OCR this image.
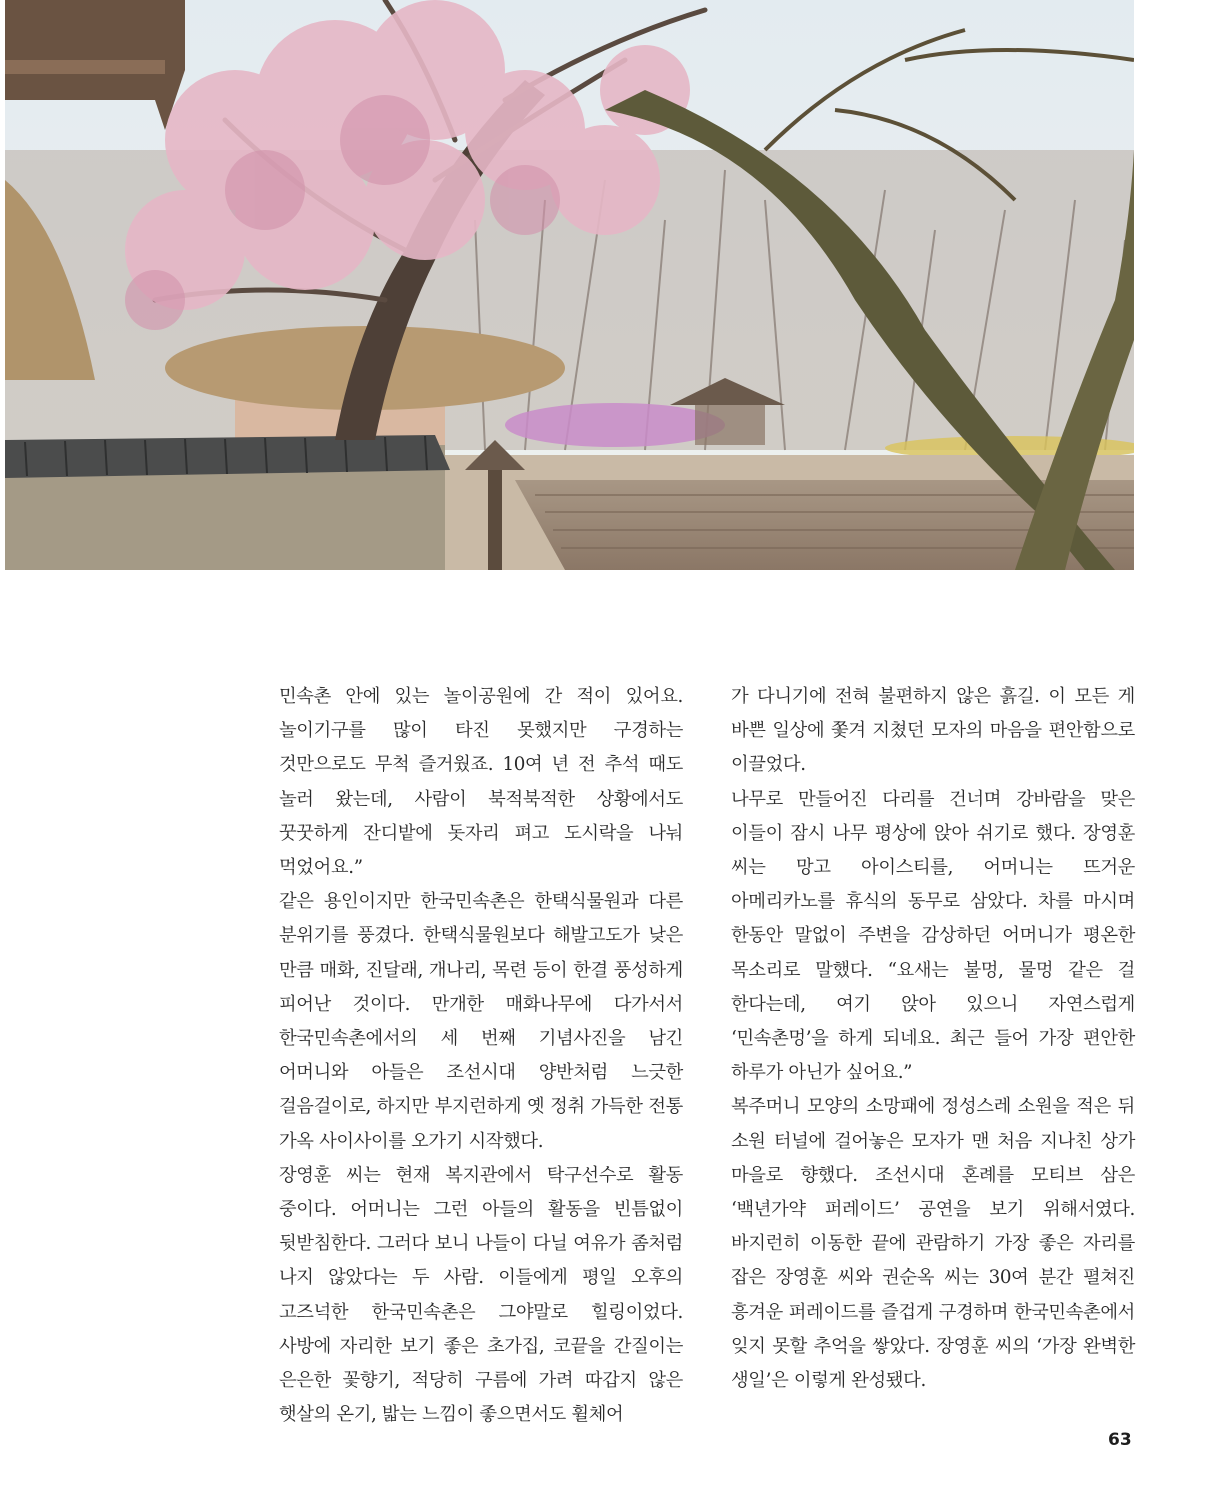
민속촌 안에 있는 놀이공원에 간 적이 있어요. 놀이기구를 많이 타진 못했지만 구경하는 것만으로도 무척 즐거웠죠. 10여 년 전 추석 때도 놀러 왔는데, 사람이 북적북적한 상황에서도 꿋꿋하게 잔디밭에 돗자리 펴고 도시락을 나눠 먹었어요.”

같은 용인이지만 한국민속촌은 한택식물원과 다른 분위기를 풍겼다. 한택식물원보다 해발고도가 낮은 만큼 매화, 진달래, 개나리, 목련 등이 한결 풍성하게 피어난 것이다. 만개한 매화나무에 다가서서 한국민속촌에서의 세 번째 기념사진을 남긴 어머니와 아들은 조선시대 양반처럼 느긋한 걸음걸이로, 하지만 부지런하게 옛 정취 가득한 전통 가옥 사이사이를 오가기 시작했다.

장영훈 씨는 현재 복지관에서 탁구선수로 활동 중이다. 어머니는 그런 아들의 활동을 빈틈없이 뒷받침한다. 그러다 보니 나들이 다닐 여유가 좀처럼 나지 않았다는 두 사람. 이들에게 평일 오후의 고즈넉한 한국민속촌은 그야말로 힐링이었다. 사방에 자리한 보기 좋은 초가집, 코끝을 간질이는 은은한 꽃향기, 적당히 구름에 가려 따갑지 않은 햇살의 온기, 밟는 느낌이 좋으면서도 휠체어

가 다니기에 전혀 불편하지 않은 흙길. 이 모든 게 바쁜 일상에 쫓겨 지쳤던 모자의 마음을 편안함으로 이끌었다.

나무로 만들어진 다리를 건너며 강바람을 맞은 이들이 잠시 나무 평상에 앉아 쉬기로 했다. 장영훈 씨는 망고 아이스티를, 어머니는 뜨거운 아메리카노를 휴식의 동무로 삼았다. 차를 마시며 한동안 말없이 주변을 감상하던 어머니가 평온한 목소리로 말했다. “요새는 불멍, 물멍 같은 걸 한다는데, 여기 앉아 있으니 자연스럽게 ‘민속촌멍’을 하게 되네요. 최근 들어 가장 편안한 하루가 아닌가 싶어요.”

복주머니 모양의 소망패에 정성스레 소원을 적은 뒤 소원 터널에 걸어놓은 모자가 맨 처음 지나친 상가 마을로 향했다. 조선시대 혼례를 모티브 삼은 ‘백년가약 퍼레이드’ 공연을 보기 위해서였다. 바지런히 이동한 끝에 관람하기 가장 좋은 자리를 잡은 장영훈 씨와 권순옥 씨는 30여 분간 펼쳐진 흥겨운 퍼레이드를 즐겁게 구경하며 한국민속촌에서 잊지 못할 추억을 쌓았다. 장영훈 씨의 ‘가장 완벽한 생일’은 이렇게 완성됐다.

63
